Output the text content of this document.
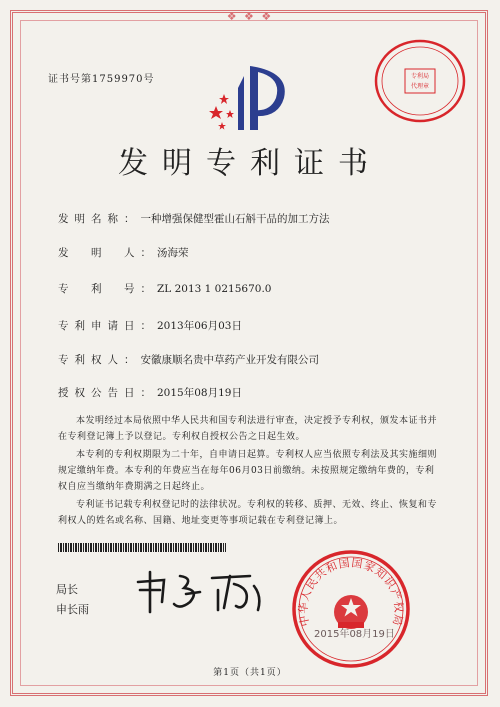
❖ ❖ ❖
证书号第1759970号	专利局
代理章
发明专利证书
发明名称：一种增强保健型霍山石斛干品的加工方法
发　明　人：汤海荣
专　利　号：ZL 2013 1 0215670.0
专利申请日：2013年06月03日
专利权人：安徽康顺名贵中草药产业开发有限公司
授权公告日：2015年08月19日

本发明经过本局依照中华人民共和国专利法进行审查，决定授予专利权，颁发本证书并在专利登记簿上予以登记。专利权自授权公告之日起生效。

本专利的专利权期限为二十年，自申请日起算。专利权人应当依照专利法及其实施细则规定缴纳年费。本专利的年费应当在每年06月03日前缴纳。未按照规定缴纳年费的，专利权自应当缴纳年费期满之日起终止。

专利证书记载专利权登记时的法律状况。专利权的转移、质押、无效、终止、恢复和专利权人的姓名或名称、国籍、地址变更等事项记载在专利登记簿上。

局长
申长雨
中华人民共和国国家知识产权局
2015年08月19日
第1页（共1页）
